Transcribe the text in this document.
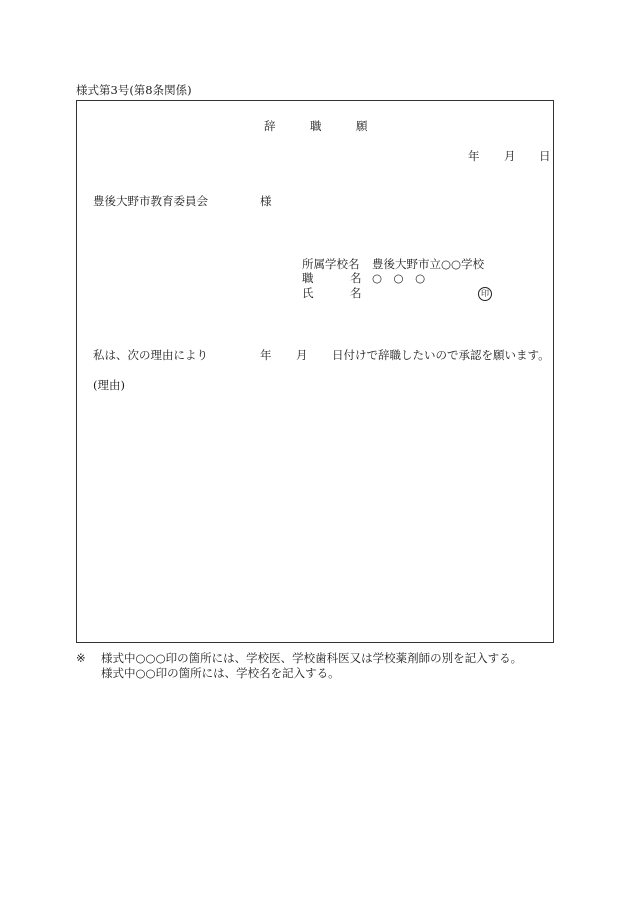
様式第3号(第8条関係)
辞	職	願
年 月 日
豊後大野市教育委員会	様
所属学校名 豊後大野市立○○学校
職	名 ○　○　○
氏	名	印
私は、次の理由により	年 月 日付けで辞職したいので承認を願います。
(理由)
※ 様式中○○○印の箇所には、学校医、学校歯科医又は学校薬剤師の別を記入する。
様式中○○印の箇所には、学校名を記入する。
